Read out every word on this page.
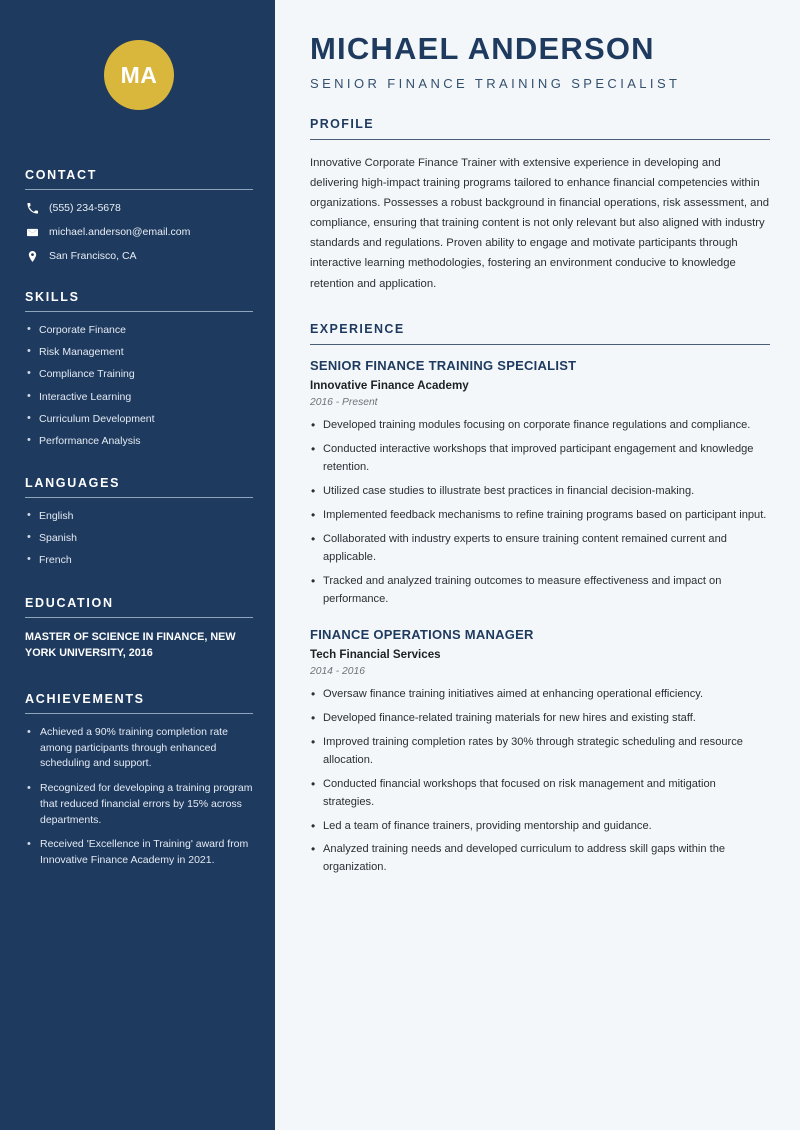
MA
CONTACT
(555) 234-5678
michael.anderson@email.com
San Francisco, CA
SKILLS
• Corporate Finance
• Risk Management
• Compliance Training
• Interactive Learning
• Curriculum Development
• Performance Analysis
LANGUAGES
• English
• Spanish
• French
EDUCATION
MASTER OF SCIENCE IN FINANCE, NEW YORK UNIVERSITY, 2016
ACHIEVEMENTS
• Achieved a 90% training completion rate among participants through enhanced scheduling and support.
• Recognized for developing a training program that reduced financial errors by 15% across departments.
• Received 'Excellence in Training' award from Innovative Finance Academy in 2021.
MICHAEL ANDERSON
SENIOR FINANCE TRAINING SPECIALIST
PROFILE

Innovative Corporate Finance Trainer with extensive experience in developing and delivering high-impact training programs tailored to enhance financial competencies within organizations. Possesses a robust background in financial operations, risk assessment, and compliance, ensuring that training content is not only relevant but also aligned with industry standards and regulations. Proven ability to engage and motivate participants through interactive learning methodologies, fostering an environment conducive to knowledge retention and application.

EXPERIENCE
SENIOR FINANCE TRAINING SPECIALIST
Innovative Finance Academy
2016 - Present
• Developed training modules focusing on corporate finance regulations and compliance.
• Conducted interactive workshops that improved participant engagement and knowledge retention.
• Utilized case studies to illustrate best practices in financial decision-making.
• Implemented feedback mechanisms to refine training programs based on participant input.
• Collaborated with industry experts to ensure training content remained current and applicable.
• Tracked and analyzed training outcomes to measure effectiveness and impact on performance.
FINANCE OPERATIONS MANAGER
Tech Financial Services
2014 - 2016
• Oversaw finance training initiatives aimed at enhancing operational efficiency.
• Developed finance-related training materials for new hires and existing staff.
• Improved training completion rates by 30% through strategic scheduling and resource allocation.
• Conducted financial workshops that focused on risk management and mitigation strategies.
• Led a team of finance trainers, providing mentorship and guidance.
• Analyzed training needs and developed curriculum to address skill gaps within the organization.
